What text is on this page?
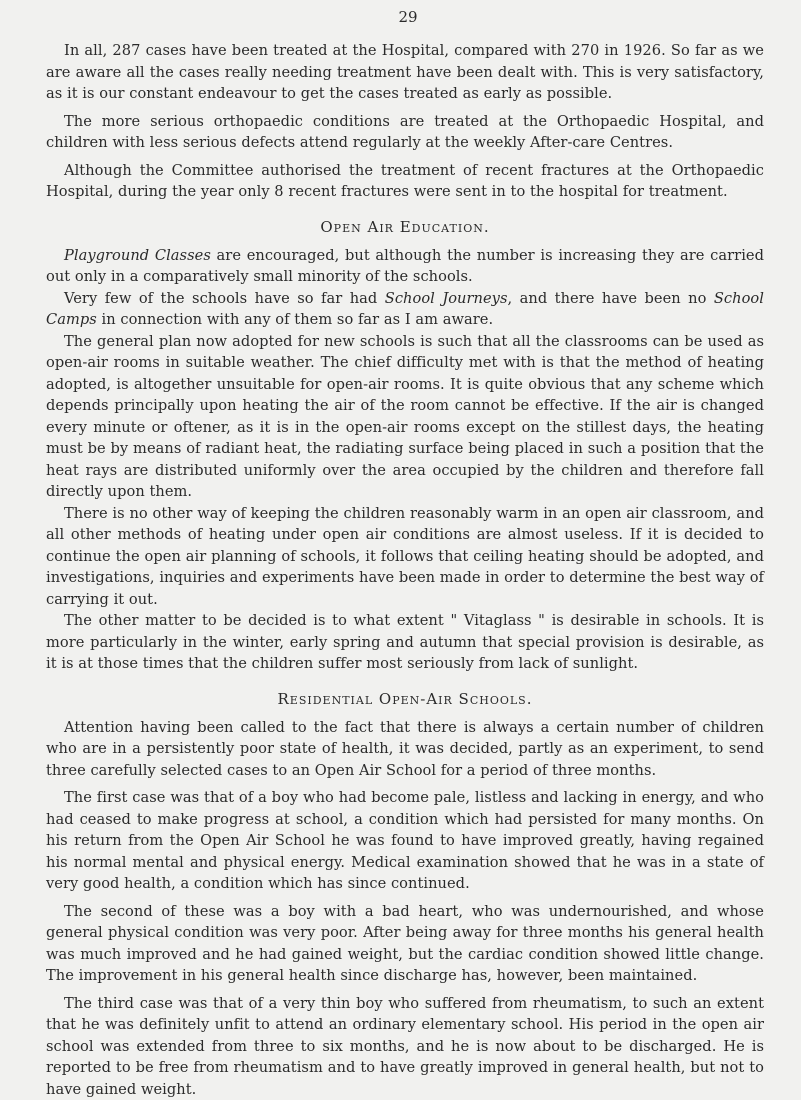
29

In all, 287 cases have been treated at the Hospital, compared with 270 in 1926. So far as we are aware all the cases really needing treatment have been dealt with. This is very satisfactory, as it is our constant endeavour to get the cases treated as early as possible.

The more serious orthopaedic conditions are treated at the Orthopaedic Hospital, and children with less serious defects attend regularly at the weekly After-care Centres.

Although the Committee authorised the treatment of recent fractures at the Orthopaedic Hospital, during the year only 8 recent fractures were sent in to the hospital for treatment.

Open Air Education.

Playground Classes are encouraged, but although the number is increasing they are carried out only in a comparatively small minority of the schools.

Very few of the schools have so far had School Journeys, and there have been no School Camps in connection with any of them so far as I am aware.

The general plan now adopted for new schools is such that all the classrooms can be used as open-air rooms in suitable weather. The chief difficulty met with is that the method of heating adopted, is altogether unsuitable for open-air rooms. It is quite obvious that any scheme which depends principally upon heating the air of the room cannot be effective. If the air is changed every minute or oftener, as it is in the open-air rooms except on the stillest days, the heating must be by means of radiant heat, the radiating surface being placed in such a position that the heat rays are distributed uniformly over the area occupied by the children and therefore fall directly upon them.

There is no other way of keeping the children reasonably warm in an open air classroom, and all other methods of heating under open air conditions are almost useless. If it is decided to continue the open air planning of schools, it follows that ceiling heating should be adopted, and investigations, inquiries and experiments have been made in order to determine the best way of carrying it out.

The other matter to be decided is to what extent " Vitaglass " is desirable in schools. It is more particularly in the winter, early spring and autumn that special provision is desirable, as it is at those times that the children suffer most seriously from lack of sunlight.

Residential Open-Air Schools.

Attention having been called to the fact that there is always a certain number of children who are in a persistently poor state of health, it was decided, partly as an experiment, to send three carefully selected cases to an Open Air School for a period of three months.

The first case was that of a boy who had become pale, listless and lacking in energy, and who had ceased to make progress at school, a condition which had persisted for many months. On his return from the Open Air School he was found to have improved greatly, having regained his normal mental and physical energy. Medical examination showed that he was in a state of very good health, a condition which has since continued.

The second of these was a boy with a bad heart, who was undernourished, and whose general physical condition was very poor. After being away for three months his general health was much improved and he had gained weight, but the cardiac condition showed little change. The improvement in his general health since discharge has, however, been maintained.

The third case was that of a very thin boy who suffered from rheumatism, to such an extent that he was definitely unfit to attend an ordinary elementary school. His period in the open air school was extended from three to six months, and he is now about to be discharged. He is reported to be free from rheumatism and to have greatly improved in general health, but not to have gained weight.
